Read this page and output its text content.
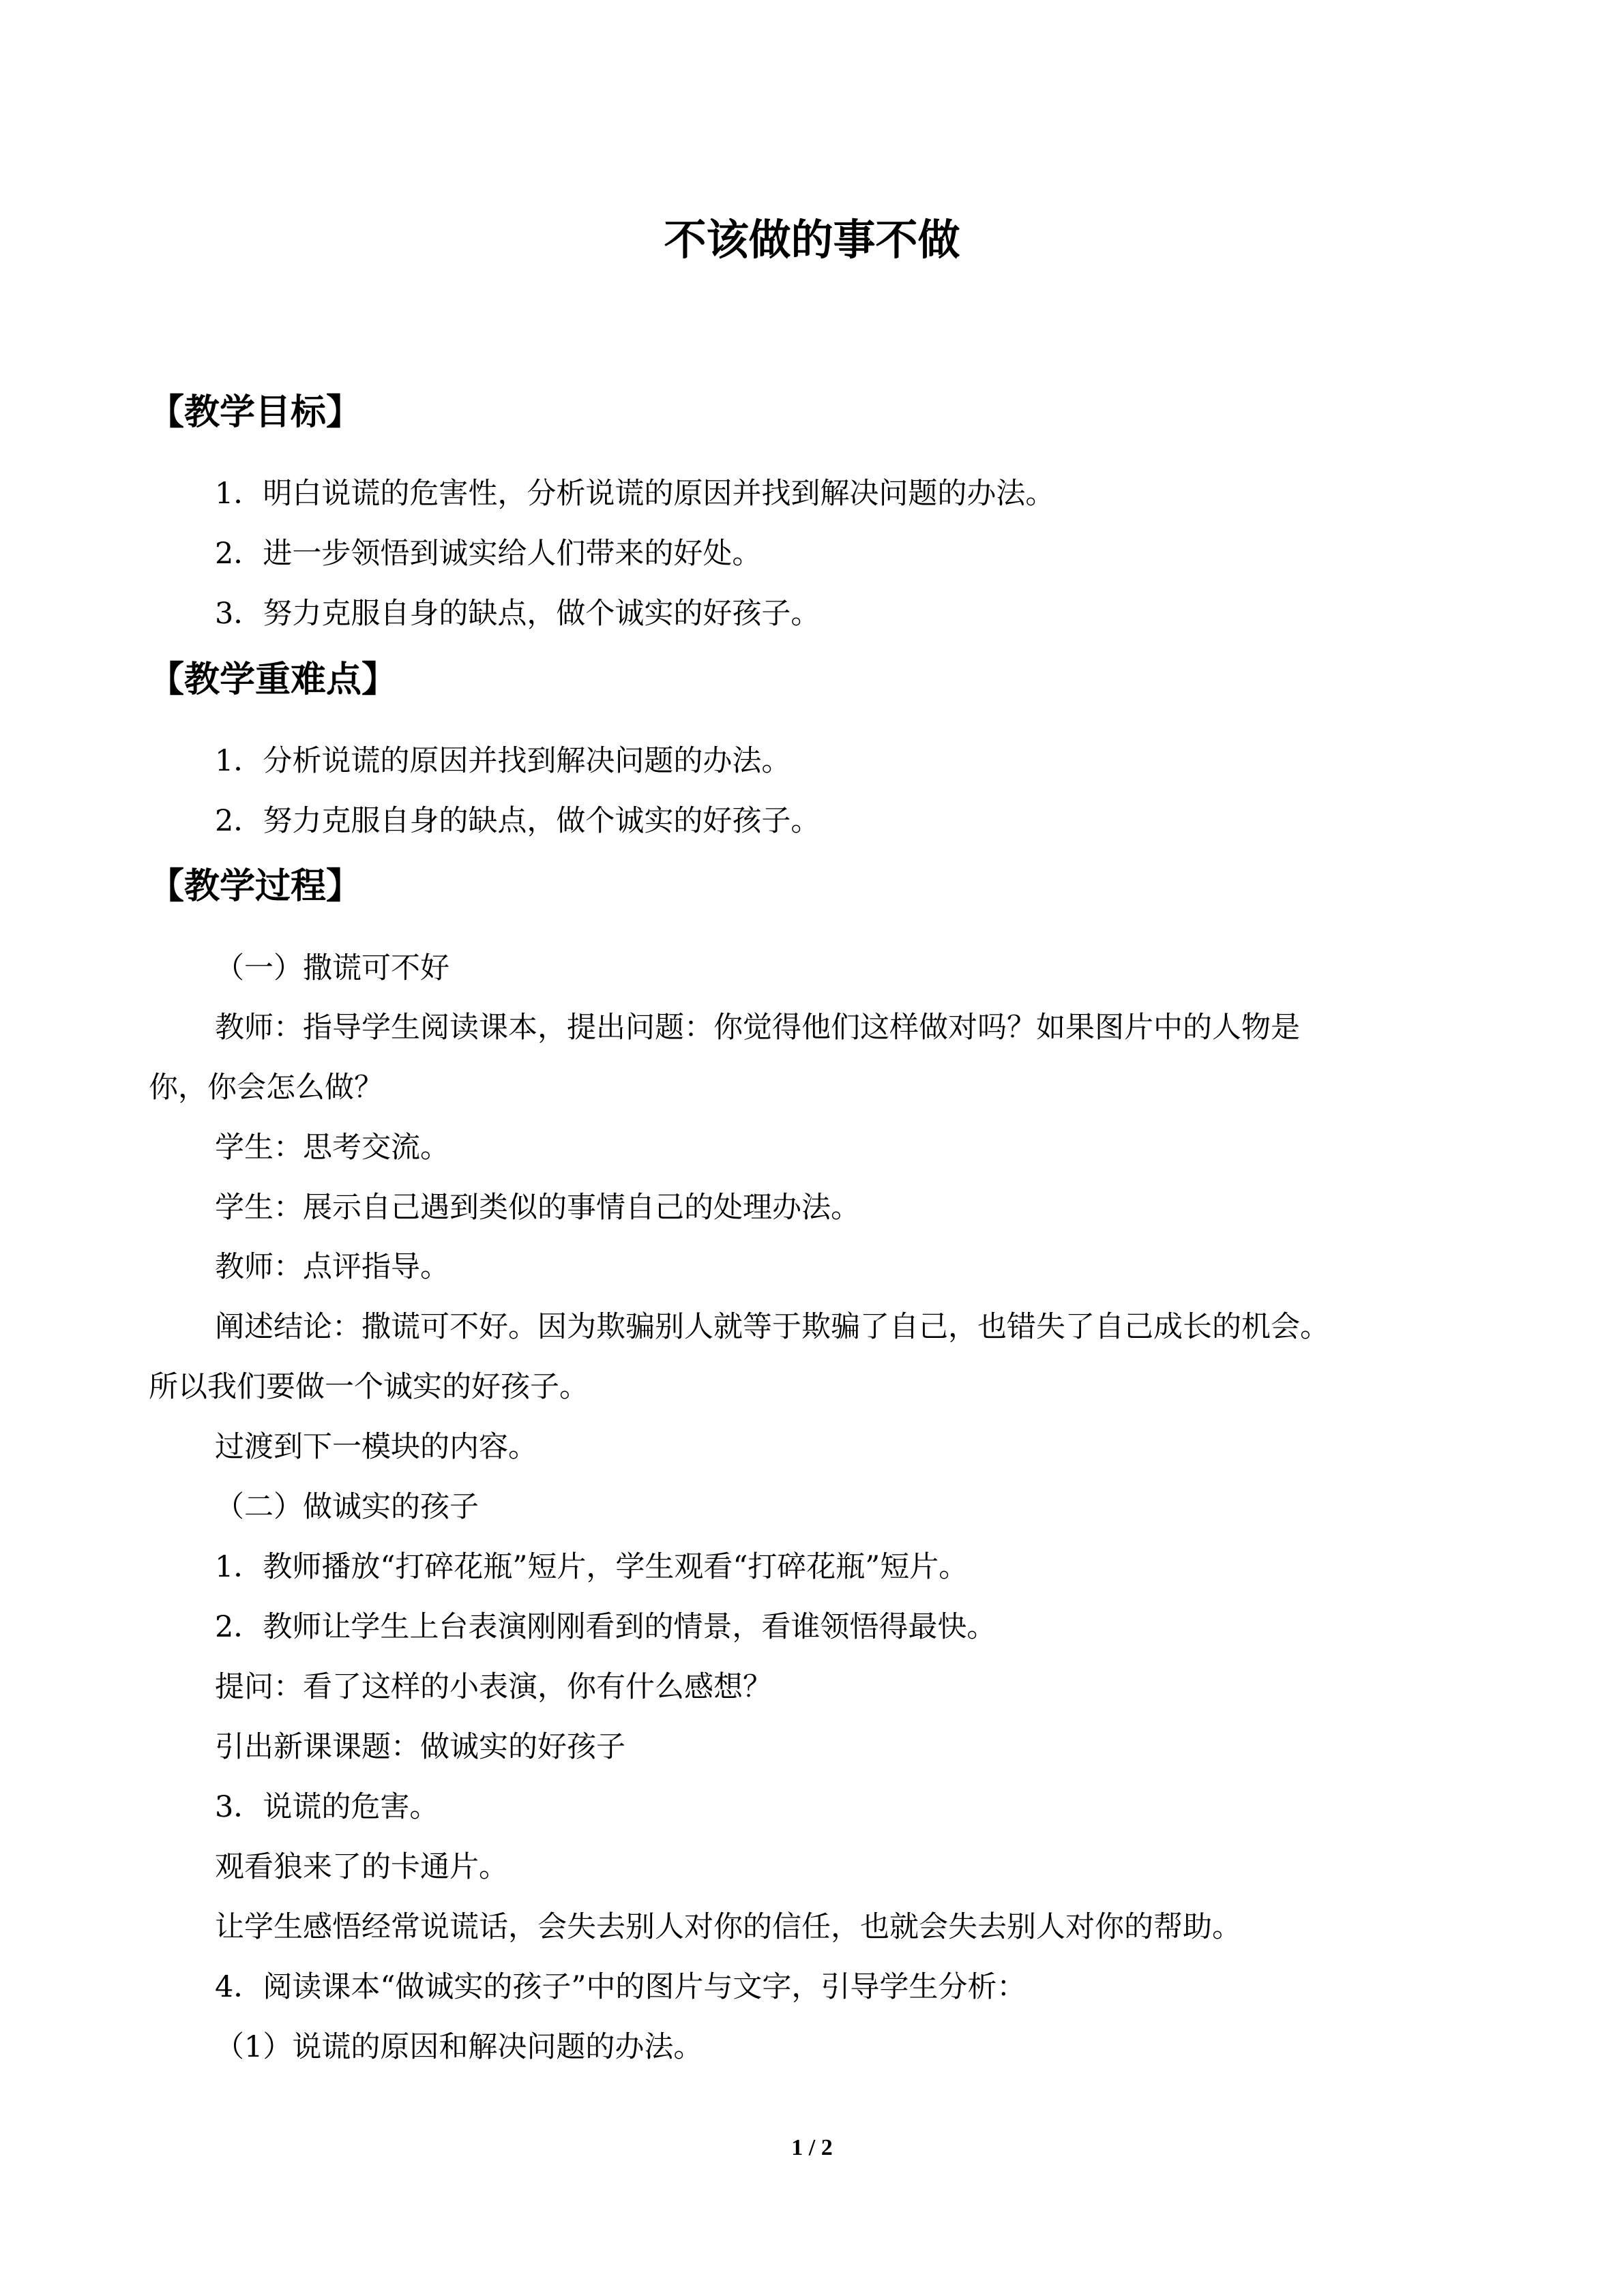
不该做的事不做
【教学目标】

1．明白说谎的危害性，分析说谎的原因并找到解决问题的办法。

2．进一步领悟到诚实给人们带来的好处。

3．努力克服自身的缺点，做个诚实的好孩子。

【教学重难点】

1．分析说谎的原因并找到解决问题的办法。

2．努力克服自身的缺点，做个诚实的好孩子。

【教学过程】

（一）撒谎可不好

教师：指导学生阅读课本，提出问题：你觉得他们这样做对吗？如果图片中的人物是

你，你会怎么做？

学生：思考交流。

学生：展示自己遇到类似的事情自己的处理办法。

教师：点评指导。

阐述结论：撒谎可不好。因为欺骗别人就等于欺骗了自己，也错失了自己成长的机会。

所以我们要做一个诚实的好孩子。

过渡到下一模块的内容。

（二）做诚实的孩子

1．教师播放“打碎花瓶”短片，学生观看“打碎花瓶”短片。

2．教师让学生上台表演刚刚看到的情景，看谁领悟得最快。

提问：看了这样的小表演，你有什么感想？

引出新课课题：做诚实的好孩子

3．说谎的危害。

观看狼来了的卡通片。

让学生感悟经常说谎话，会失去别人对你的信任，也就会失去别人对你的帮助。

4．阅读课本“做诚实的孩子”中的图片与文字，引导学生分析：

（1）说谎的原因和解决问题的办法。

1 / 2
